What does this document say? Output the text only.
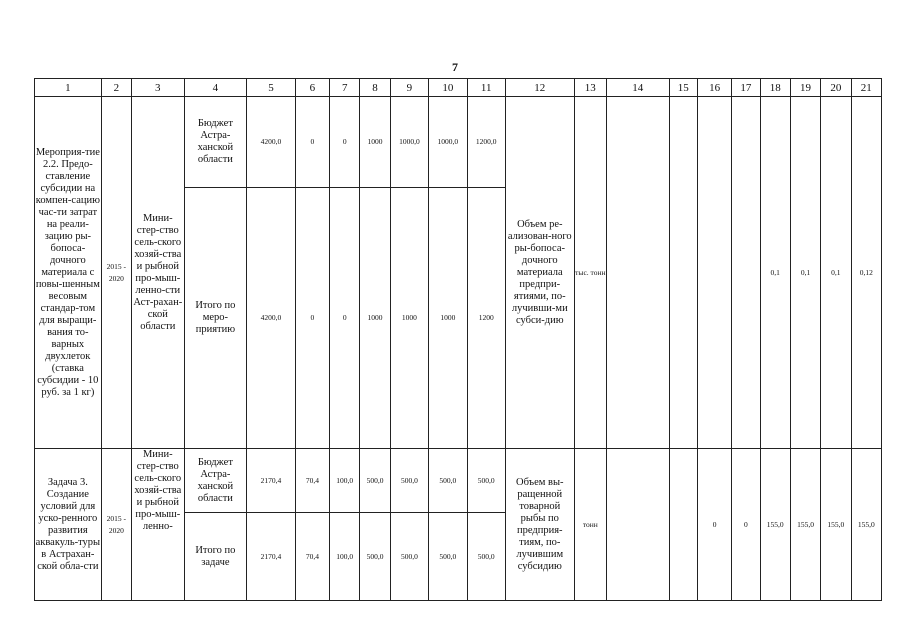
7
1	2	3	4	5	6	7	8	9	10	11	12	13	14	15	16	17	18	19	20	21
Мероприя-тие 2.2. Предо-ставление субсидии на компен-сацию час-ти затрат на реали-зацию ры-бопоса-дочного материала с повы-шенным весовым стандар-том для выращи-вания то-варных двухлеток (ставка субсидии - 10 руб. за 1 кг)	2015 - 2020	Мини-стер-ство сель-ского хозяй-ства и рыбной про-мыш-ленно-сти Аст-рахан-ской области	Бюджет Астра-ханской области	4200,0	0	0	1000	1000,0	1000,0	1200,0	Объем ре-ализован-ного ры-бопоса-дочного материала предпри-ятиями, по-лучивши-ми субси-дию	тыс. тонн					0,1	0,1	0,1	0,12
			Итого по меро-приятию	4200,0	0	0	1000	1000	1000	1200										
Задача 3. Создание условий для уско-ренного развития аквакуль-туры в Астрахан-ской обла-сти	2015 - 2020	Мини-стер-ство сель-ского хозяй-ства и рыбной про-мыш-ленно-	Бюджет Астра-ханской области	2170,4	70,4	100,0	500,0	500,0	500,0	500,0	Объем вы-ращенной товарной рыбы по предприя-тиям, по-лучившим субсидию	тонн			0	0	155,0	155,0	155,0	155,0
			Итого по задаче	2170,4	70,4	100,0	500,0	500,0	500,0	500,0										
